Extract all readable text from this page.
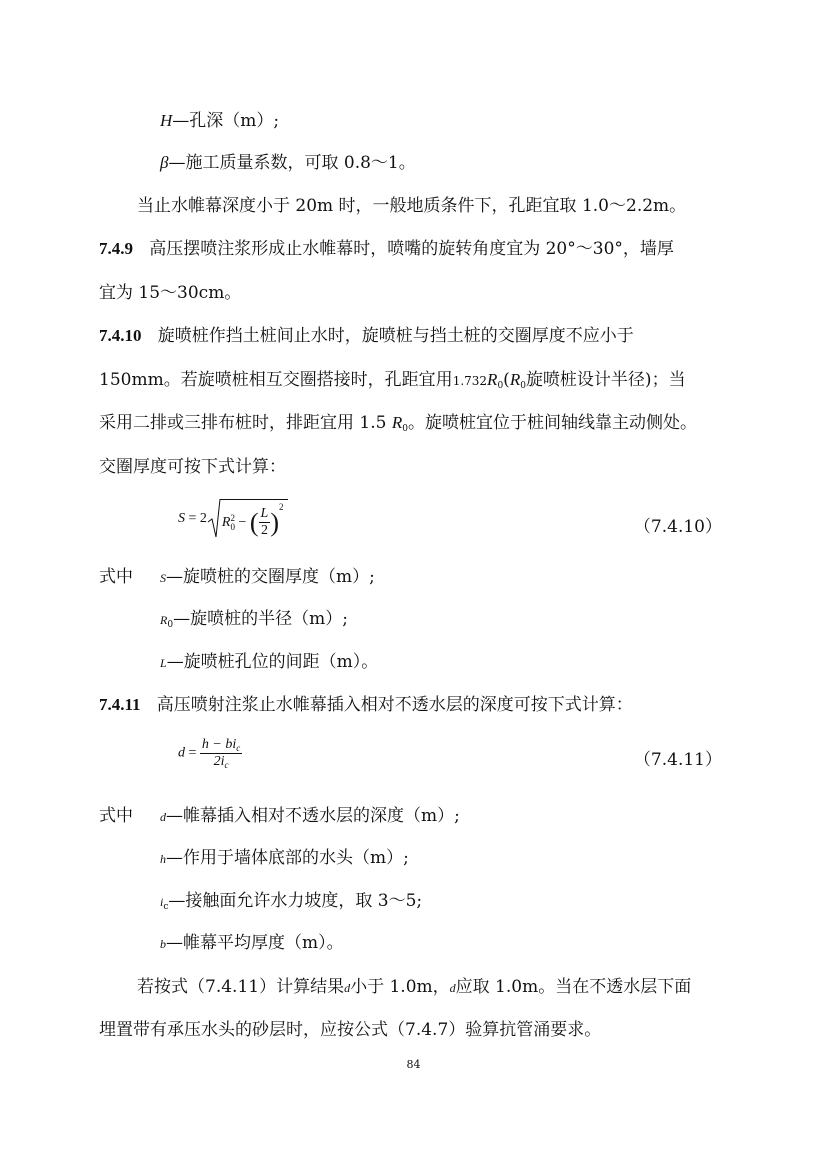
H—孔深（m）;
β—施工质量系数，可取 0.8～1。
当止水帷幕深度小于 20m 时，一般地质条件下，孔距宜取 1.0～2.2m。
7.4.9 高压摆喷注浆形成止水帷幕时，喷嘴的旋转角度宜为 20°～30°，墙厚
宜为 15～30cm。
7.4.10 旋喷桩作挡土桩间止水时，旋喷桩与挡土桩的交圈厚度不应小于
150mm。若旋喷桩相互交圈搭接时，孔距宜用$1.732R_0(R_0$旋喷桩设计半径)；当
采用二排或三排布桩时，排距宜用 1.5 $R_0$。旋喷桩宜位于桩间轴线靠主动侧处。
交圈厚度可按下式计算：
S = 2 R 2
0 − ( $\frac{L}{2} )^2$
（7.4.10）
式中 S—旋喷桩的交圈厚度（m）;
$R_0—$旋喷桩的半径（m）;
L—旋喷桩孔位的间距（m）。
7.4.11 高压喷射注浆止水帷幕插入相对不透水层的深度可按下式计算：
$d = \frac{h - bi_c}{2i_c}$	（7.4.11）
式中 d—帷幕插入相对不透水层的深度（m）;
h—作用于墙体底部的水头（m）;
$i_c—$接触面允许水力坡度，取 3～5;
b—帷幕平均厚度（m）。
若按式（7.4.11）计算结果d小于 1.0m，d应取 1.0m。当在不透水层下面
埋置带有承压水头的砂层时，应按公式（7.4.7）验算抗管涌要求。
84
